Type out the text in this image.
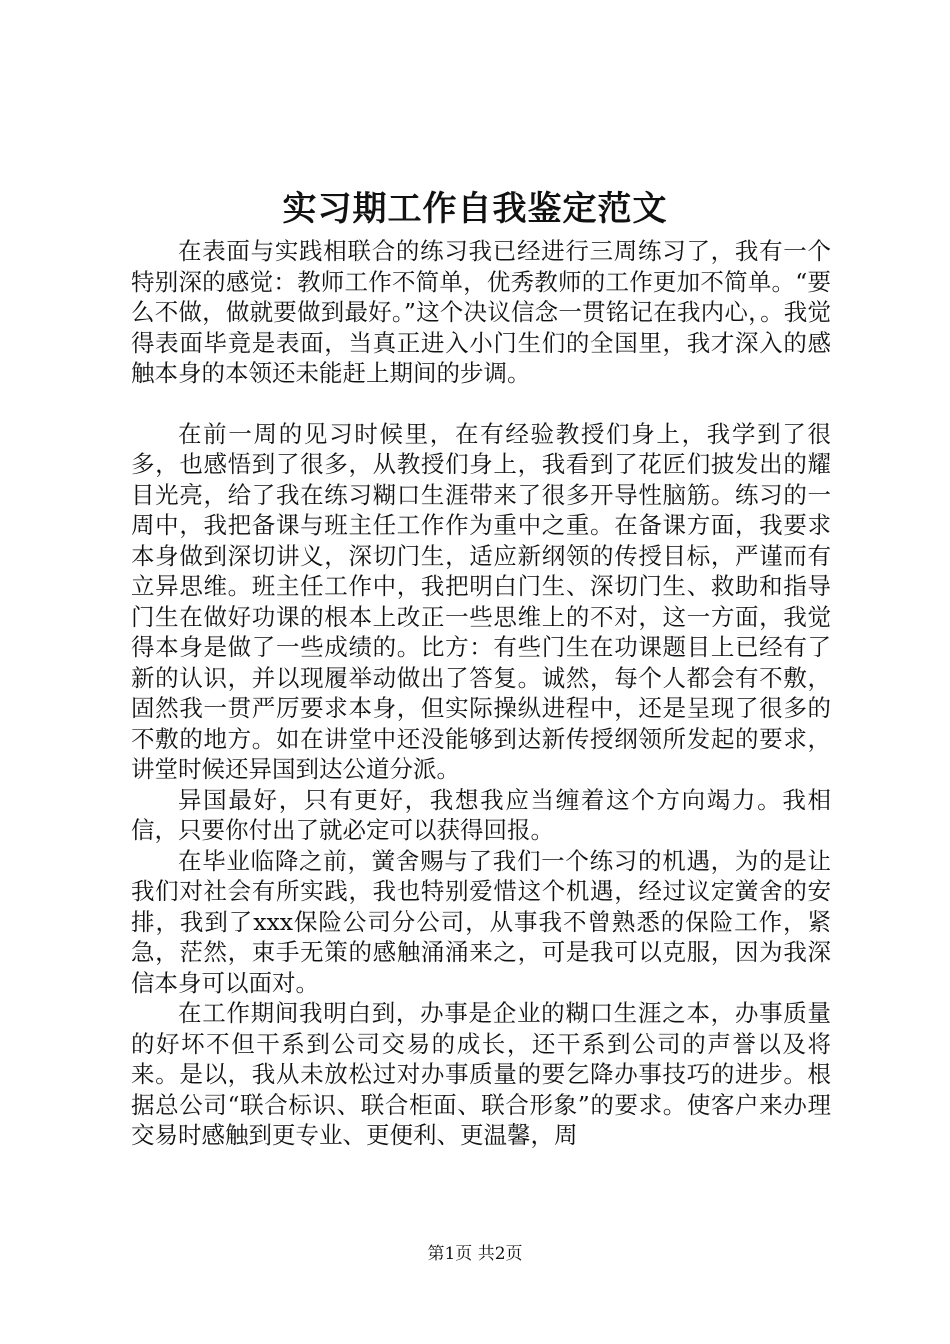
实习期工作自我鉴定范文

在表面与实践相联合的练习我已经进行三周练习了，我有一个特别深的感觉：教师工作不简单，优秀教师的工作更加不简单。“要么不做，做就要做到最好。”这个决议信念一贯铭记在我内心，。我觉得表面毕竟是表面，当真正进入小门生们的全国里，我才深入的感触本身的本领还未能赶上期间的步调。

在前一周的见习时候里，在有经验教授们身上，我学到了很多，也感悟到了很多，从教授们身上，我看到了花匠们披发出的耀目光亮，给了我在练习糊口生涯带来了很多开导性脑筋。练习的一周中，我把备课与班主任工作作为重中之重。在备课方面，我要求本身做到深切讲义，深切门生，适应新纲领的传授目标，严谨而有立异思维。班主任工作中，我把明白门生、深切门生、救助和指导门生在做好功课的根本上改正一些思维上的不对，这一方面，我觉得本身是做了一些成绩的。比方：有些门生在功课题目上已经有了新的认识，并以现履举动做出了答复。诚然，每个人都会有不敷，固然我一贯严厉要求本身，但实际操纵进程中，还是呈现了很多的不敷的地方。如在讲堂中还没能够到达新传授纲领所发起的要求，讲堂时候还异国到达公道分派。

异国最好，只有更好，我想我应当缠着这个方向竭力。我相信，只要你付出了就必定可以获得回报。

在毕业临降之前，黉舍赐与了我们一个练习的机遇，为的是让我们对社会有所实践，我也特别爱惜这个机遇，经过议定黉舍的安排，我到了xxx保险公司分公司，从事我不曾熟悉的保险工作，紧急，茫然，束手无策的感触涌涌来之，可是我可以克服，因为我深信本身可以面对。

在工作期间我明白到，办事是企业的糊口生涯之本，办事质量的好坏不但干系到公司交易的成长，还干系到公司的声誉以及将来。是以，我从未放松过对办事质量的要乞降办事技巧的进步。根据总公司“联合标识、联合柜面、联合形象”的要求。使客户来办理交易时感触到更专业、更便利、更温馨，周

第1页 共2页
